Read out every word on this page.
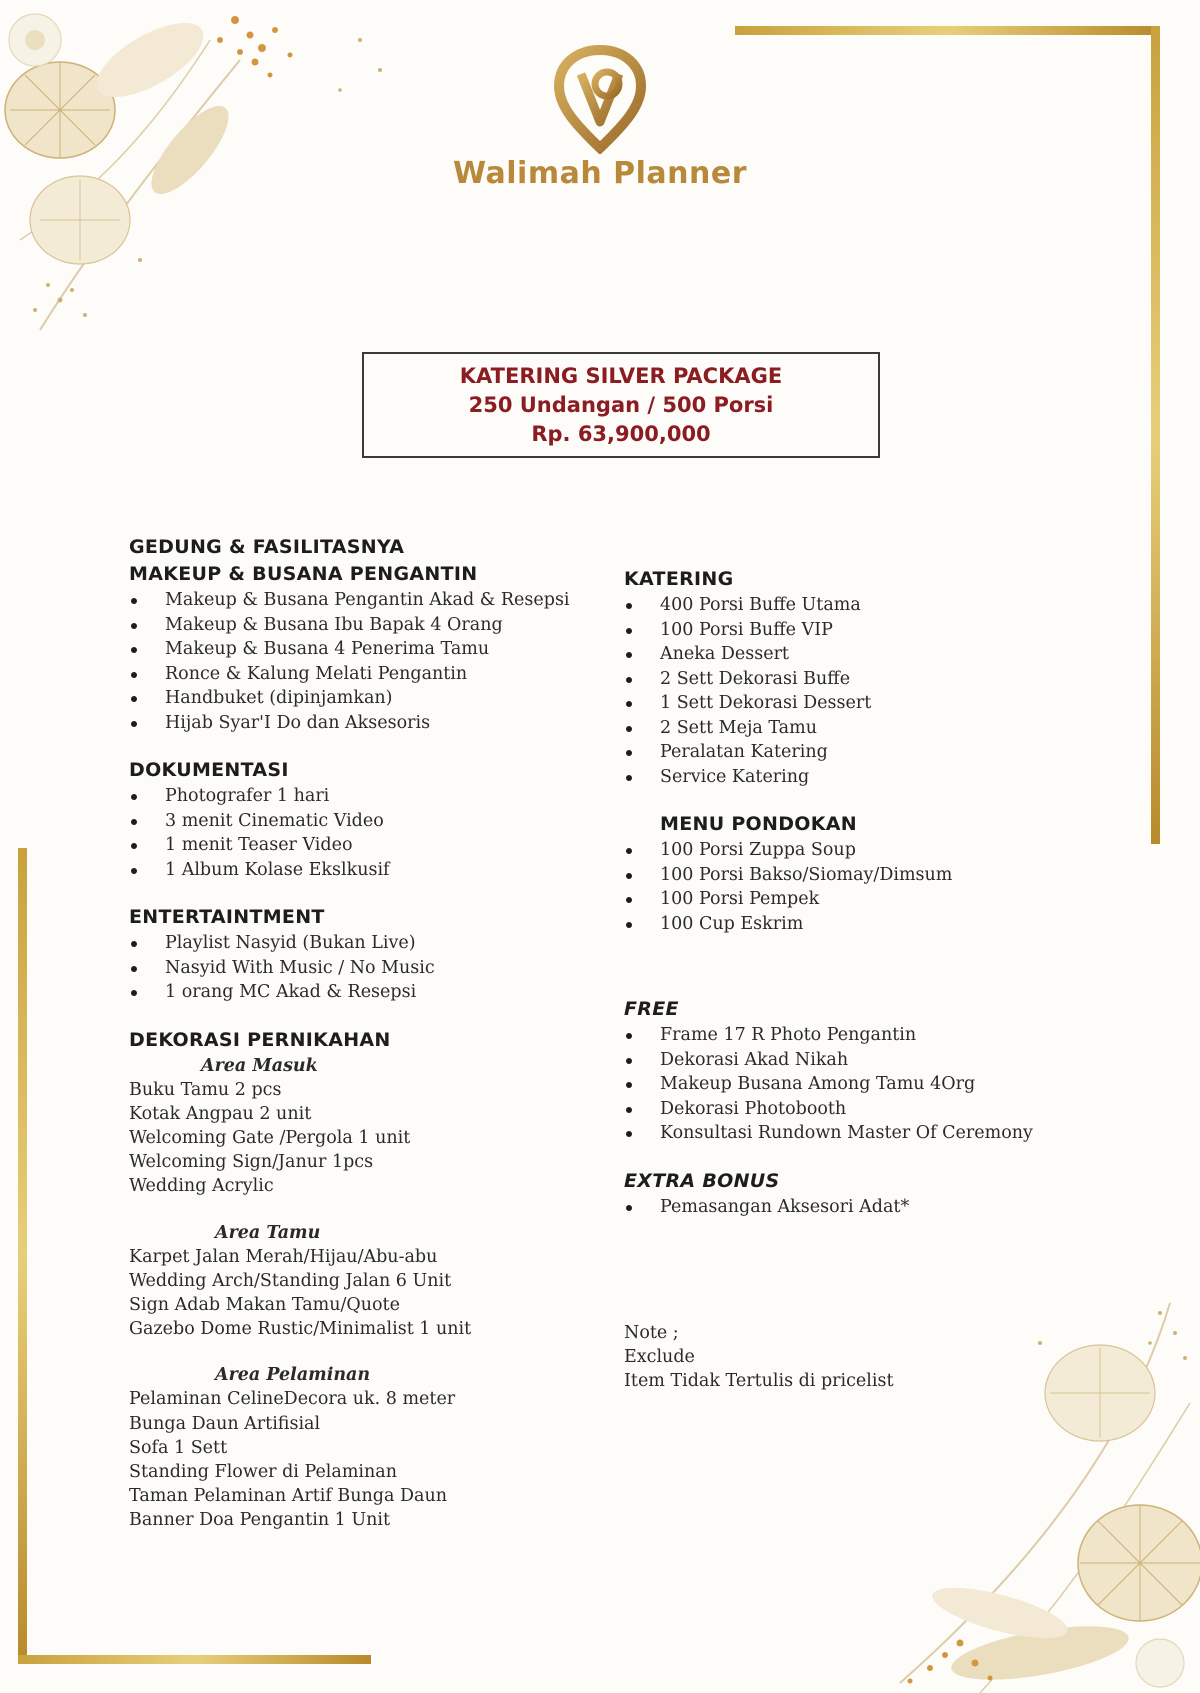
Walimah Planner
KATERING SILVER PACKAGE
250 Undangan / 500 Porsi
Rp. 63,900,000
GEDUNG & FASILITASNYA
MAKEUP & BUSANA PENGANTIN
Makeup & Busana Pengantin Akad & Resepsi
Makeup & Busana Ibu Bapak 4 Orang
Makeup & Busana 4 Penerima Tamu
Ronce & Kalung Melati Pengantin
Handbuket (dipinjamkan)
Hijab Syar'I Do dan Aksesoris
DOKUMENTASI
Photografer 1 hari
3 menit Cinematic Video
1 menit Teaser Video
1 Album Kolase Ekslkusif
ENTERTAINTMENT
Playlist Nasyid (Bukan Live)
Nasyid With Music / No Music
1 orang MC Akad & Resepsi
DEKORASI PERNIKAHAN
Area Masuk
Buku Tamu 2 pcs
Kotak Angpau 2 unit
Welcoming Gate /Pergola 1 unit
Welcoming Sign/Janur 1pcs
Wedding Acrylic
Area Tamu
Karpet Jalan Merah/Hijau/Abu-abu
Wedding Arch/Standing Jalan 6 Unit
Sign Adab Makan Tamu/Quote
Gazebo Dome Rustic/Minimalist 1 unit
Area Pelaminan
Pelaminan CelineDecora uk. 8 meter
Bunga Daun Artifisial
Sofa 1 Sett
Standing Flower di Pelaminan
Taman Pelaminan Artif Bunga Daun
Banner Doa Pengantin 1 Unit
KATERING
400 Porsi Buffe Utama
100 Porsi Buffe VIP
Aneka Dessert
2 Sett Dekorasi Buffe
1 Sett Dekorasi Dessert
2 Sett Meja Tamu
Peralatan Katering
Service Katering
MENU PONDOKAN
100 Porsi Zuppa Soup
100 Porsi Bakso/Siomay/Dimsum
100 Porsi Pempek
100 Cup Eskrim
FREE
Frame 17 R Photo Pengantin
Dekorasi Akad Nikah
Makeup Busana Among Tamu 4Org
Dekorasi Photobooth
Konsultasi Rundown Master Of Ceremony
EXTRA BONUS
Pemasangan Aksesori Adat*
Note ;
Exclude
Item Tidak Tertulis di pricelist
